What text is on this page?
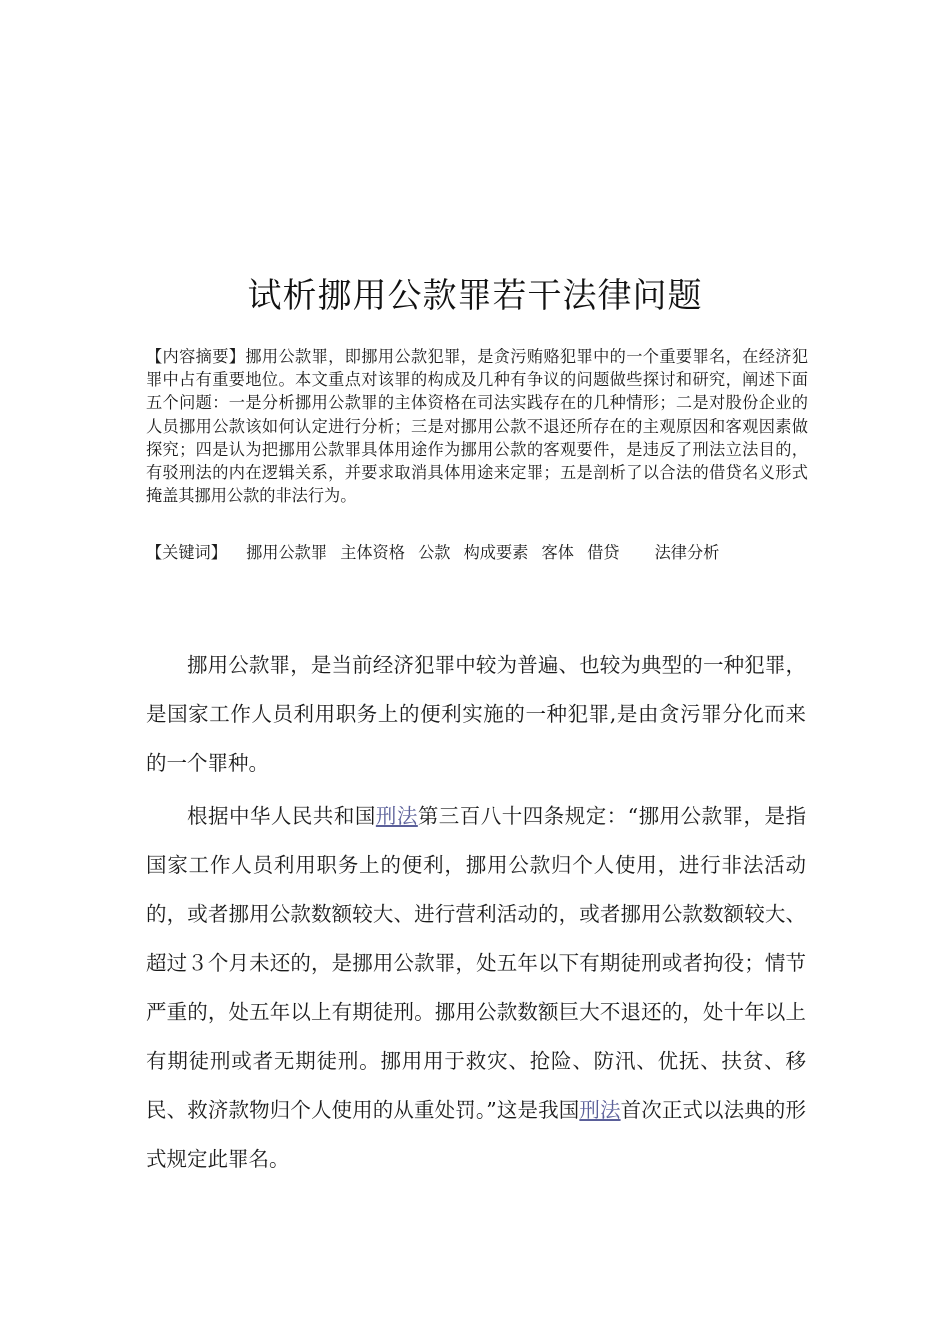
试析挪用公款罪若干法律问题

【内容摘要】挪用公款罪，即挪用公款犯罪，是贪污贿赂犯罪中的一个重要罪名，在经济犯罪中占有重要地位。本文重点对该罪的构成及几种有争议的问题做些探讨和研究，阐述下面五个问题：一是分析挪用公款罪的主体资格在司法实践存在的几种情形；二是对股份企业的人员挪用公款该如何认定进行分析；三是对挪用公款不退还所存在的主观原因和客观因素做探究；四是认为把挪用公款罪具体用途作为挪用公款的客观要件，是违反了刑法立法目的，有驳刑法的内在逻辑关系，并要求取消具体用途来定罪；五是剖析了以合法的借贷名义形式掩盖其挪用公款的非法行为。

【关键词】 挪用公款罪 主体资格 公款 构成要素 客体 借贷 法律分析

挪用公款罪，是当前经济犯罪中较为普遍、也较为典型的一种犯罪，是国家工作人员利用职务上的便利实施的一种犯罪,是由贪污罪分化而来的一个罪种。

根据中华人民共和国刑法第三百八十四条规定：“挪用公款罪，是指国家工作人员利用职务上的便利，挪用公款归个人使用，进行非法活动的，或者挪用公款数额较大、进行营利活动的，或者挪用公款数额较大、超过３个月未还的，是挪用公款罪，处五年以下有期徒刑或者拘役；情节严重的，处五年以上有期徒刑。挪用公款数额巨大不退还的，处十年以上有期徒刑或者无期徒刑。挪用用于救灾、抢险、防汛、优抚、扶贫、移民、救济款物归个人使用的从重处罚。”这是我国刑法首次正式以法典的形式规定此罪名。
